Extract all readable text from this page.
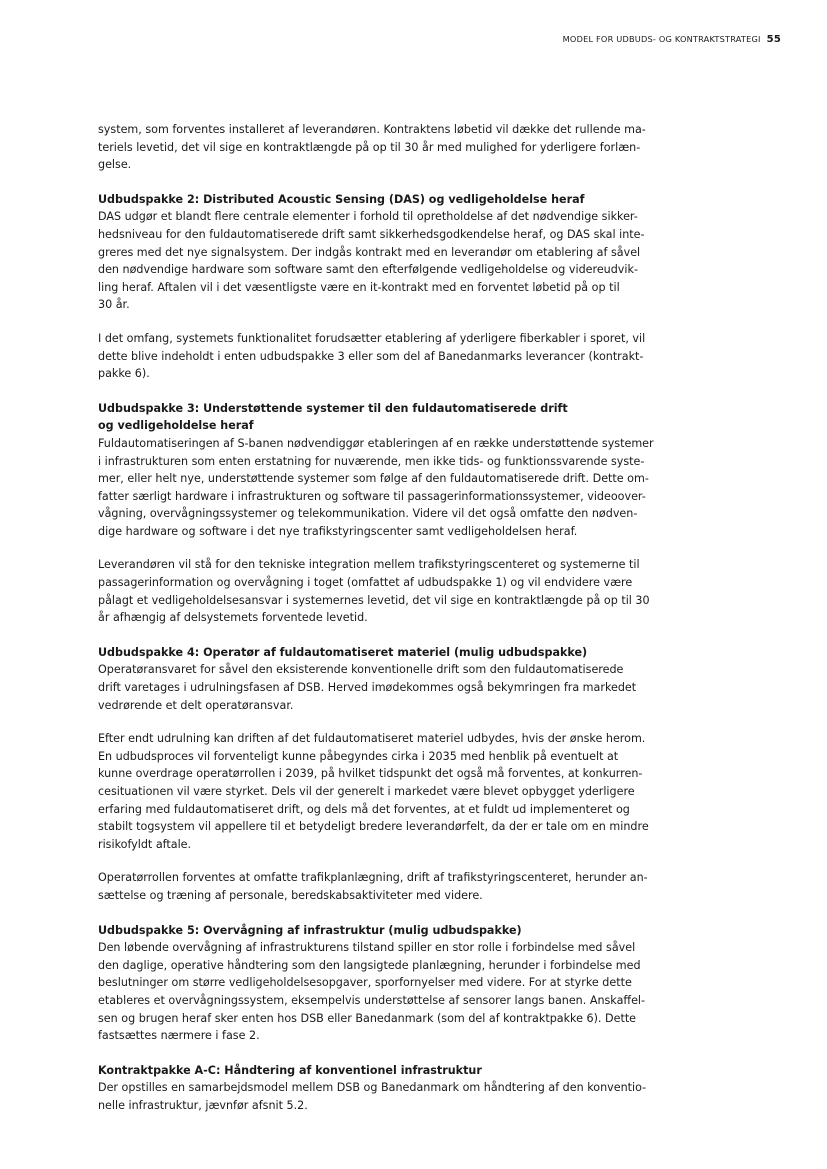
MODEL FOR UDBUDS- OG KONTRAKTSTRATEGI 55

system, som forventes installeret af leverandøren. Kontraktens løbetid vil dække det rullende ma-
teriels levetid, det vil sige en kontraktlængde på op til 30 år med mulighed for yderligere forlæn-
gelse.

Udbudspakke 2: Distributed Acoustic Sensing (DAS) og vedligeholdelse heraf

DAS udgør et blandt flere centrale elementer i forhold til opretholdelse af det nødvendige sikker-
hedsniveau for den fuldautomatiserede drift samt sikkerhedsgodkendelse heraf, og DAS skal inte-
greres med det nye signalsystem. Der indgås kontrakt med en leverandør om etablering af såvel
den nødvendige hardware som software samt den efterfølgende vedligeholdelse og videreudvik-
ling heraf. Aftalen vil i det væsentligste være en it-kontrakt med en forventet løbetid på op til
30 år.

I det omfang, systemets funktionalitet forudsætter etablering af yderligere fiberkabler i sporet, vil
dette blive indeholdt i enten udbudspakke 3 eller som del af Banedanmarks leverancer (kontrakt-
pakke 6).

Udbudspakke 3: Understøttende systemer til den fuldautomatiserede drift
og vedligeholdelse heraf

Fuldautomatiseringen af S-banen nødvendiggør etableringen af en række understøttende systemer
i infrastrukturen som enten erstatning for nuværende, men ikke tids- og funktionssvarende syste-
mer, eller helt nye, understøttende systemer som følge af den fuldautomatiserede drift. Dette om-
fatter særligt hardware i infrastrukturen og software til passagerinformationssystemer, videoover-
vågning, overvågningssystemer og telekommunikation. Videre vil det også omfatte den nødven-
dige hardware og software i det nye trafikstyringscenter samt vedligeholdelsen heraf.

Leverandøren vil stå for den tekniske integration mellem trafikstyringscenteret og systemerne til
passagerinformation og overvågning i toget (omfattet af udbudspakke 1) og vil endvidere være
pålagt et vedligeholdelsesansvar i systemernes levetid, det vil sige en kontraktlængde på op til 30
år afhængig af delsystemets forventede levetid.

Udbudspakke 4: Operatør af fuldautomatiseret materiel (mulig udbudspakke)

Operatøransvaret for såvel den eksisterende konventionelle drift som den fuldautomatiserede
drift varetages i udrulningsfasen af DSB. Herved imødekommes også bekymringen fra markedet
vedrørende et delt operatøransvar.

Efter endt udrulning kan driften af det fuldautomatiseret materiel udbydes, hvis der ønske herom.
En udbudsproces vil forventeligt kunne påbegyndes cirka i 2035 med henblik på eventuelt at
kunne overdrage operatørrollen i 2039, på hvilket tidspunkt det også må forventes, at konkurren-
cesituationen vil være styrket. Dels vil der generelt i markedet være blevet opbygget yderligere
erfaring med fuldautomatiseret drift, og dels må det forventes, at et fuldt ud implementeret og
stabilt togsystem vil appellere til et betydeligt bredere leverandørfelt, da der er tale om en mindre
risikofyldt aftale.

Operatørrollen forventes at omfatte trafikplanlægning, drift af trafikstyringscenteret, herunder an-
sættelse og træning af personale, beredskabsaktiviteter med videre.

Udbudspakke 5: Overvågning af infrastruktur (mulig udbudspakke)

Den løbende overvågning af infrastrukturens tilstand spiller en stor rolle i forbindelse med såvel
den daglige, operative håndtering som den langsigtede planlægning, herunder i forbindelse med
beslutninger om større vedligeholdelsesopgaver, sporfornyelser med videre. For at styrke dette
etableres et overvågningssystem, eksempelvis understøttelse af sensorer langs banen. Anskaffel-
sen og brugen heraf sker enten hos DSB eller Banedanmark (som del af kontraktpakke 6). Dette
fastsættes nærmere i fase 2.

Kontraktpakke A-C: Håndtering af konventionel infrastruktur

Der opstilles en samarbejdsmodel mellem DSB og Banedanmark om håndtering af den konventio-
nelle infrastruktur, jævnfør afsnit 5.2.
